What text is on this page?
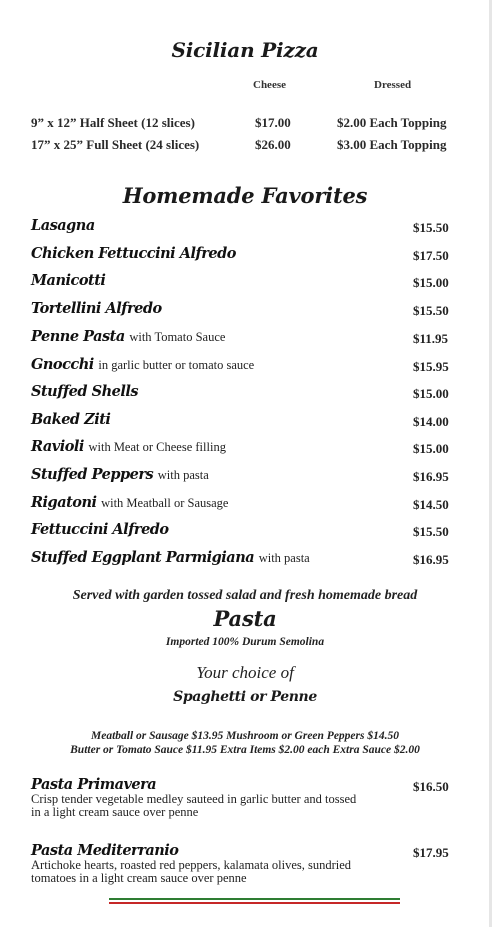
Sicilian Pizza
Cheese	Dressed
9” x 12” Half Sheet (12 slices)	$17.00	$2.00 Each Topping
17” x 25” Full Sheet (24 slices)	$26.00	$3.00 Each Topping
Homemade Favorites
Lasagna	$15.50
Chicken Fettuccini Alfredo	$17.50
Manicotti	$15.00
Tortellini Alfredo	$15.50
Penne Pasta with Tomato Sauce	$11.95
Gnocchi in garlic butter or tomato sauce	$15.95
Stuffed Shells	$15.00
Baked Ziti	$14.00
Ravioli with Meat or Cheese filling	$15.00
Stuffed Peppers with pasta	$16.95
Rigatoni with Meatball or Sausage	$14.50
Fettuccini Alfredo	$15.50
Stuffed Eggplant Parmigiana with pasta	$16.95
Served with garden tossed salad and fresh homemade bread
Pasta
Imported 100% Durum Semolina
Your choice of
Spaghetti or Penne
Meatball or Sausage $13.95 Mushroom or Green Peppers $14.50
Butter or Tomato Sauce $11.95 Extra Items $2.00 each Extra Sauce $2.00
Pasta Primavera	$16.50
Crisp tender vegetable medley sauteed in garlic butter and tossed
in a light cream sauce over penne
Pasta Mediterranio	$17.95
Artichoke hearts, roasted red peppers, kalamata olives, sundried
tomatoes in a light cream sauce over penne
